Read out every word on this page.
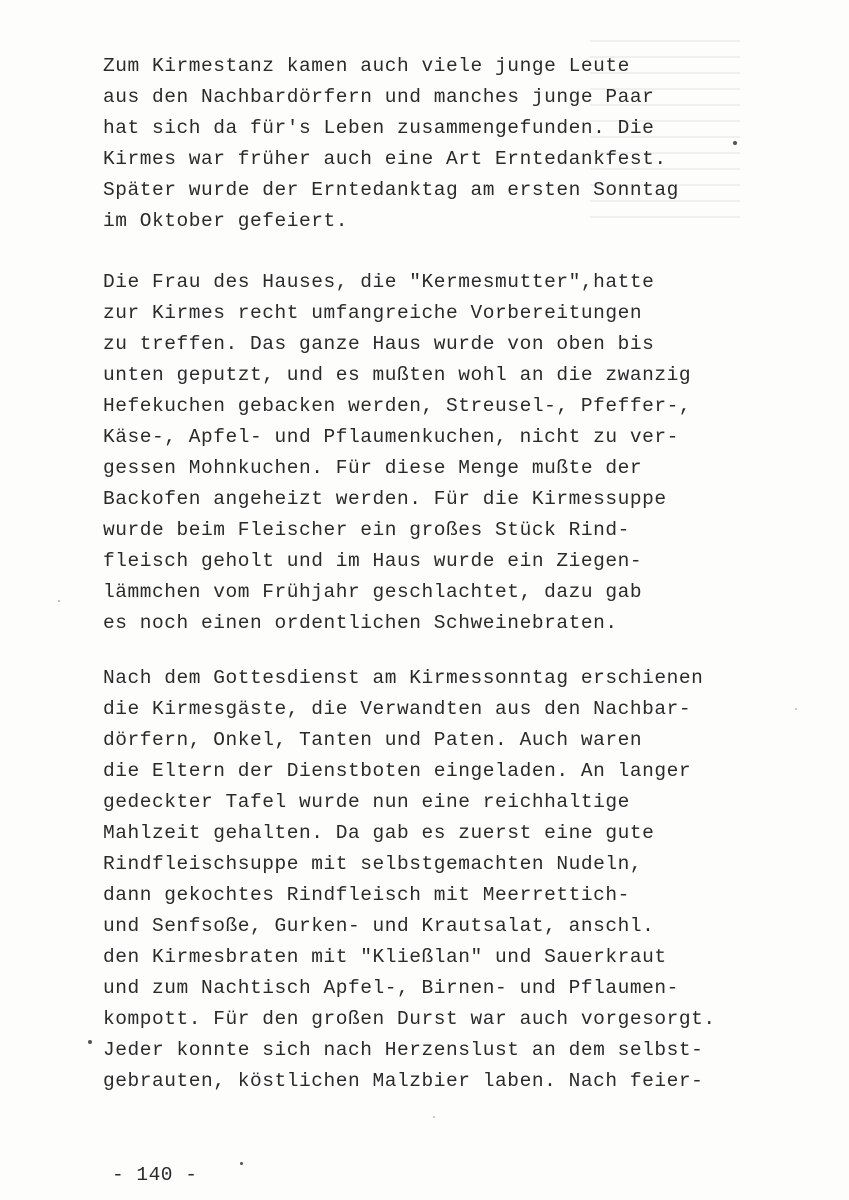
Zum Kirmestanz kamen auch viele junge Leute
aus den Nachbardörfern und manches junge Paar
hat sich da für's Leben zusammengefunden. Die
Kirmes war früher auch eine Art Erntedankfest.
Später wurde der Erntedanktag am ersten Sonntag
im Oktober gefeiert.
Die Frau des Hauses, die "Kermesmutter",hatte
zur Kirmes recht umfangreiche Vorbereitungen
zu treffen. Das ganze Haus wurde von oben bis
unten geputzt, und es mußten wohl an die zwanzig
Hefekuchen gebacken werden, Streusel-, Pfeffer-,
Käse-, Apfel- und Pflaumenkuchen, nicht zu ver-
gessen Mohnkuchen. Für diese Menge mußte der
Backofen angeheizt werden. Für die Kirmessuppe
wurde beim Fleischer ein großes Stück Rind-
fleisch geholt und im Haus wurde ein Ziegen-
lämmchen vom Frühjahr geschlachtet, dazu gab
es noch einen ordentlichen Schweinebraten.
Nach dem Gottesdienst am Kirmessonntag erschienen
die Kirmesgäste, die Verwandten aus den Nachbar-
dörfern, Onkel, Tanten und Paten. Auch waren
die Eltern der Dienstboten eingeladen. An langer
gedeckter Tafel wurde nun eine reichhaltige
Mahlzeit gehalten. Da gab es zuerst eine gute
Rindfleischsuppe mit selbstgemachten Nudeln,
dann gekochtes Rindfleisch mit Meerrettich-
und Senfsoße, Gurken- und Krautsalat, anschl.
den Kirmesbraten mit "Kließlan" und Sauerkraut
und zum Nachtisch Apfel-, Birnen- und Pflaumen-
kompott. Für den großen Durst war auch vorgesorgt.
Jeder konnte sich nach Herzenslust an dem selbst-
gebrauten, köstlichen Malzbier laben. Nach feier-
- 140 -
